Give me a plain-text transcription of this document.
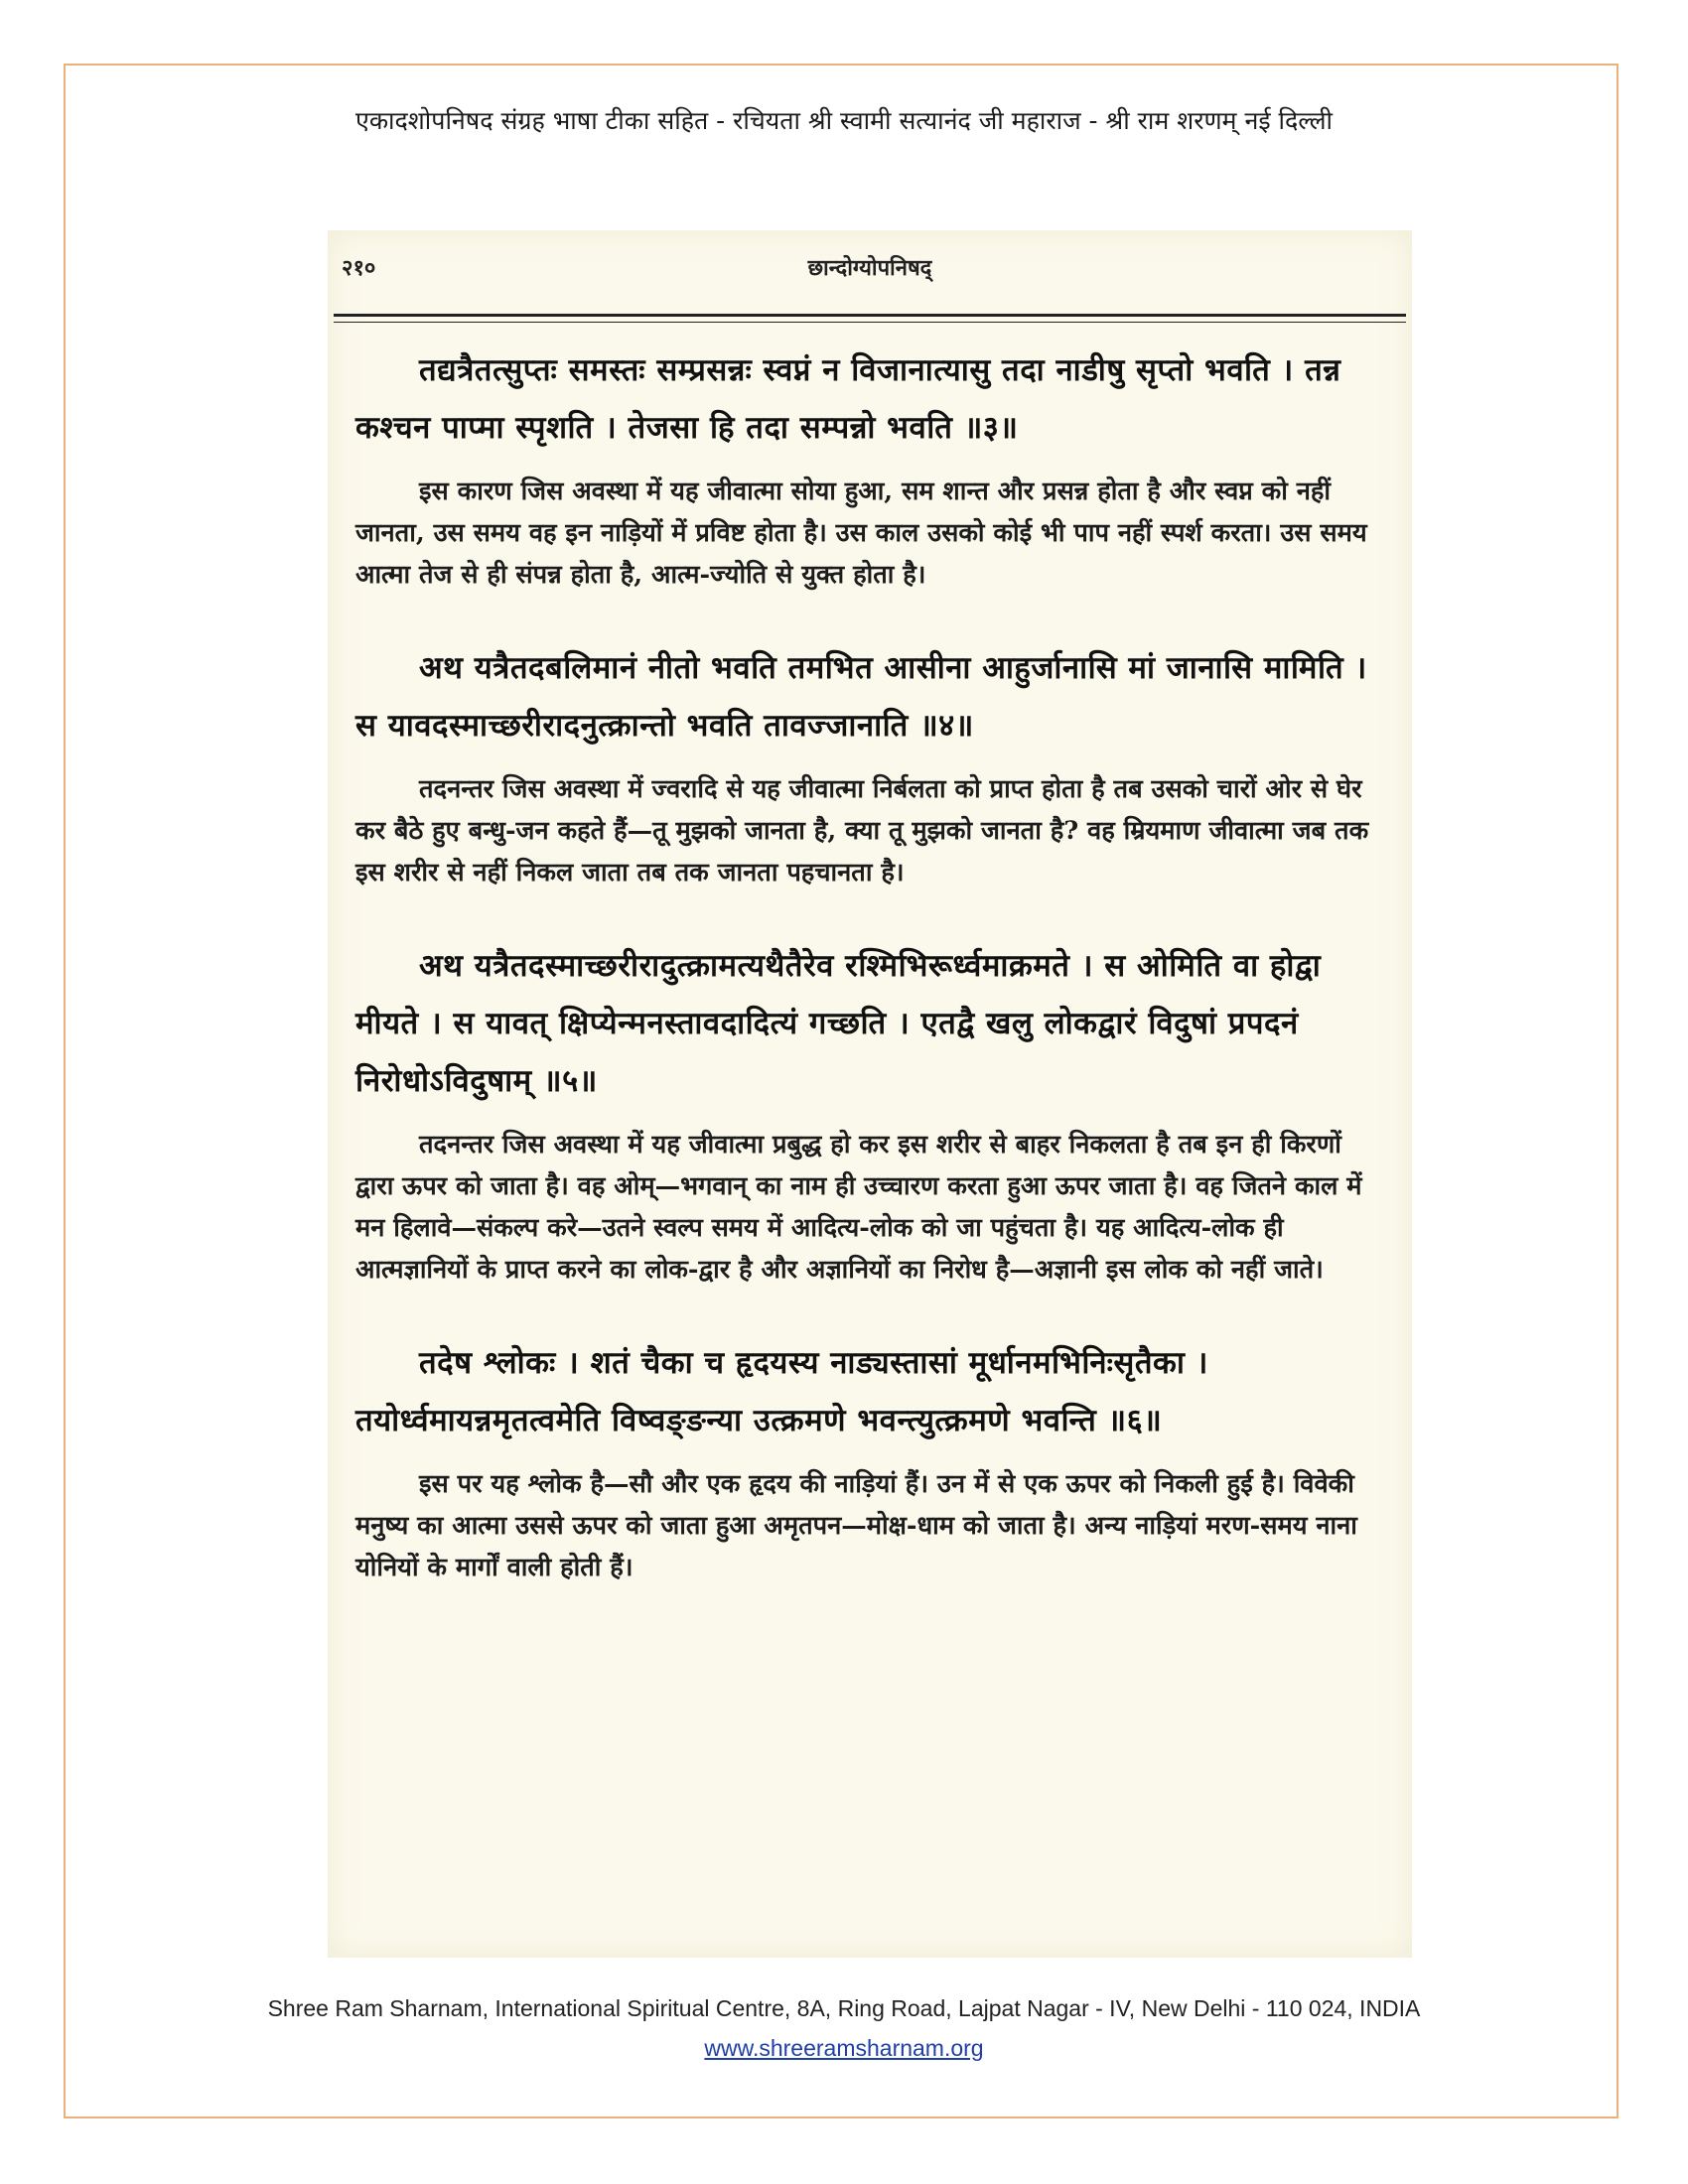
एकादशोपनिषद संग्रह भाषा टीका सहित - रचियता श्री स्वामी सत्यानंद जी महाराज - श्री राम शरणम् नई दिल्ली
२१०	छान्दोग्योपनिषद्

तद्यत्रैतत्सुप्तः समस्तः सम्प्रसन्नः स्वप्नं न विजानात्यासु तदा नाडीषु सृप्तो भवति । तन्न कश्चन पाप्मा स्पृशति । तेजसा हि तदा सम्पन्नो भवति ॥३॥

इस कारण जिस अवस्था में यह जीवात्मा सोया हुआ, सम शान्त और प्रसन्न होता है और स्वप्न को नहीं जानता, उस समय वह इन नाड़ियों में प्रविष्ट होता है। उस काल उसको कोई भी पाप नहीं स्पर्श करता। उस समय आत्मा तेज से ही संपन्न होता है, आत्म-ज्योति से युक्त होता है।

अथ यत्रैतदबलिमानं नीतो भवति तमभित आसीना आहुर्जानासि मां जानासि मामिति । स यावदस्माच्छरीरादनुत्क्रान्तो भवति तावज्जानाति ॥४॥

तदनन्तर जिस अवस्था में ज्वरादि से यह जीवात्मा निर्बलता को प्राप्त होता है तब उसको चारों ओर से घेर कर बैठे हुए बन्धु-जन कहते हैं—तू मुझको जानता है, क्या तू मुझको जानता है? वह म्रियमाण जीवात्मा जब तक इस शरीर से नहीं निकल जाता तब तक जानता पहचानता है।

अथ यत्रैतदस्माच्छरीरादुत्क्रामत्यथैतैरेव रश्मिभिरूर्ध्वमाक्रमते । स ओमिति वा होद्वा मीयते । स यावत् क्षिप्येन्मनस्तावदादित्यं गच्छति । एतद्वै खलु लोकद्वारं विदुषां प्रपदनं निरोधोऽविदुषाम् ॥५॥

तदनन्तर जिस अवस्था में यह जीवात्मा प्रबुद्ध हो कर इस शरीर से बाहर निकलता है तब इन ही किरणों द्वारा ऊपर को जाता है। वह ओम्—भगवान् का नाम ही उच्चारण करता हुआ ऊपर जाता है। वह जितने काल में मन हिलावे—संकल्प करे—उतने स्वल्प समय में आदित्य-लोक को जा पहुंचता है। यह आदित्य-लोक ही आत्मज्ञानियों के प्राप्त करने का लोक-द्वार है और अज्ञानियों का निरोध है—अज्ञानी इस लोक को नहीं जाते।

तदेष श्लोकः । शतं चैका च हृदयस्य नाड्यस्तासां मूर्धानमभिनिःसृतैका । तयोर्ध्वमायन्नमृतत्वमेति विष्वङ्ङन्या उत्क्रमणे भवन्त्युत्क्रमणे भवन्ति ॥६॥

इस पर यह श्लोक है—सौ और एक हृदय की नाड़ियां हैं। उन में से एक ऊपर को निकली हुई है। विवेकी मनुष्य का आत्मा उससे ऊपर को जाता हुआ अमृतपन—मोक्ष-धाम को जाता है। अन्य नाड़ियां मरण-समय नाना योनियों के मार्गों वाली होती हैं।

Shree Ram Sharnam, International Spiritual Centre, 8A, Ring Road, Lajpat Nagar - IV, New Delhi - 110 024, INDIA
www.shreeramsharnam.org
